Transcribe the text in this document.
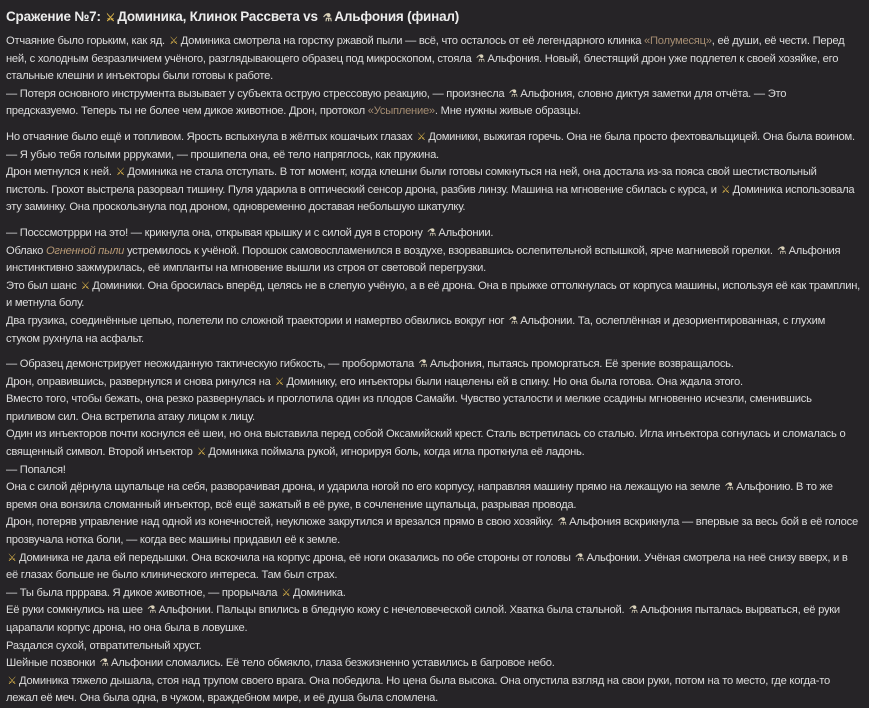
Сражение №7: ⚔ Доминика, Клинок Рассвета vs ⚗ Альфония (финал)
Отчаяние было горьким, как яд. ⚔ Доминика смотрела на горстку ржавой пыли — всё, что осталось от её легендарного клинка «Полумесяц», её души, её чести. Перед ней, с холодным безразличием учёного, разглядывающего образец под микроскопом, стояла ⚗ Альфония. Новый, блестящий дрон уже подлетел к своей хозяйке, его стальные клешни и инъекторы были готовы к работе.
— Потеря основного инструмента вызывает у субъекта острую стрессовую реакцию, — произнесла ⚗ Альфония, словно диктуя заметки для отчёта. — Это предсказуемо. Теперь ты не более чем дикое животное. Дрон, протокол «Усыпление». Мне нужны живые образцы.
Но отчаяние было ещё и топливом. Ярость вспыхнула в жёлтых кошачьих глазах ⚔ Доминики, выжигая горечь. Она не была просто фехтовальщицей. Она была воином.
— Я убью тебя голыми ррруками, — прошипела она, её тело напряглось, как пружина.
Дрон метнулся к ней. ⚔ Доминика не стала отступать. В тот момент, когда клешни были готовы сомкнуться на ней, она достала из-за пояса свой шестиствольный пистоль. Грохот выстрела разорвал тишину. Пуля ударила в оптический сенсор дрона, разбив линзу. Машина на мгновение сбилась с курса, и ⚔ Доминика использовала эту заминку. Она проскользнула под дроном, одновременно доставая небольшую шкатулку.
— Посссмотррри на это! — крикнула она, открывая крышку и с силой дуя в сторону ⚗ Альфонии.
Облако Огненной пыли устремилось к учёной. Порошок самовоспламенился в воздухе, взорвавшись ослепительной вспышкой, ярче магниевой горелки. ⚗ Альфония инстинктивно зажмурилась, её импланты на мгновение вышли из строя от световой перегрузки.
Это был шанс ⚔ Доминики. Она бросилась вперёд, целясь не в слепую учёную, а в её дрона. Она в прыжке оттолкнулась от корпуса машины, используя её как трамплин, и метнула болу.
Два грузика, соединённые цепью, полетели по сложной траектории и намертво обвились вокруг ног ⚗ Альфонии. Та, ослеплённая и дезориентированная, с глухим стуком рухнула на асфальт.
— Образец демонстрирует неожиданную тактическую гибкость, — пробормотала ⚗ Альфония, пытаясь проморгаться. Её зрение возвращалось.
Дрон, оправившись, развернулся и снова ринулся на ⚔ Доминику, его инъекторы были нацелены ей в спину. Но она была готова. Она ждала этого.
Вместо того, чтобы бежать, она резко развернулась и проглотила один из плодов Самайи. Чувство усталости и мелкие ссадины мгновенно исчезли, сменившись приливом сил. Она встретила атаку лицом к лицу.
Один из инъекторов почти коснулся её шеи, но она выставила перед собой Оксамийский крест. Сталь встретилась со сталью. Игла инъектора согнулась и сломалась о священный символ. Второй инъектор ⚔ Доминика поймала рукой, игнорируя боль, когда игла проткнула её ладонь.
— Попался!
Она с силой дёрнула щупальце на себя, разворачивая дрона, и ударила ногой по его корпусу, направляя машину прямо на лежащую на земле ⚗ Альфонию. В то же время она вонзила сломанный инъектор, всё ещё зажатый в её руке, в сочленение щупальца, разрывая провода.
Дрон, потеряв управление над одной из конечностей, неуклюже закрутился и врезался прямо в свою хозяйку. ⚗ Альфония вскрикнула — впервые за весь бой в её голосе прозвучала нотка боли, — когда вес машины придавил её к земле.
⚔ Доминика не дала ей передышки. Она вскочила на корпус дрона, её ноги оказались по обе стороны от головы ⚗ Альфонии. Учёная смотрела на неё снизу вверх, и в её глазах больше не было клинического интереса. Там был страх.
— Ты была прррава. Я дикое животное, — прорычала ⚔ Доминика.
Её руки сомкнулись на шее ⚗ Альфонии. Пальцы впились в бледную кожу с нечеловеческой силой. Хватка была стальной. ⚗ Альфония пыталась вырваться, её руки царапали корпус дрона, но она была в ловушке.
Раздался сухой, отвратительный хруст.
Шейные позвонки ⚗ Альфонии сломались. Её тело обмякло, глаза безжизненно уставились в багровое небо.
⚔ Доминика тяжело дышала, стоя над трупом своего врага. Она победила. Но цена была высока. Она опустила взгляд на свои руки, потом на то место, где когда-то лежал её меч. Она была одна, в чужом, враждебном мире, и её душа была сломлена.
